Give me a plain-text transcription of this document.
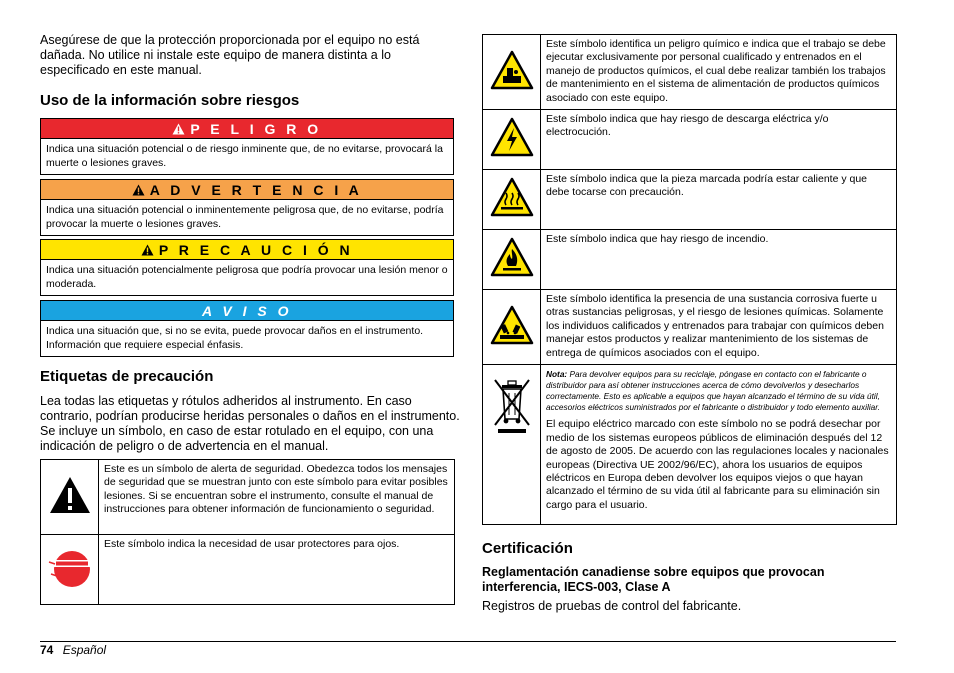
Asegúrese de que la protección proporcionada por el equipo no está dañada. No utilice ni instale este equipo de manera distinta a lo especificado en este manual.

Uso de la información sobre riesgos
P E L I G R O
Indica una situación potencial o de riesgo inminente que, de no evitarse, provocará la muerte o lesiones graves.
A D V E R T E N C I A
Indica una situación potencial o inminentemente peligrosa que, de no evitarse, podría provocar la muerte o lesiones graves.
P R E C A U C I Ó N
Indica una situación potencialmente peligrosa que podría provocar una lesión menor o moderada.
A V I S O
Indica una situación que, si no se evita, puede provocar daños en el instrumento. Información que requiere especial énfasis.
Etiquetas de precaución

Lea todas las etiquetas y rótulos adheridos al instrumento. En caso contrario, podrían producirse heridas personales o daños en el instrumento. Se incluye un símbolo, en caso de estar rotulado en el equipo, con una indicación de peligro o de advertencia en el manual.

Este es un símbolo de alerta de seguridad. Obedezca todos los mensajes de seguridad que se muestran junto con este símbolo para evitar posibles lesiones. Si se encuentran sobre el instrumento, consulte el manual de instrucciones para obtener información de funcionamiento o seguridad.

Este símbolo indica la necesidad de usar protectores para ojos.

Este símbolo identifica un peligro químico e indica que el trabajo se debe ejecutar exclusivamente por personal cualificado y entrenados en el manejo de productos químicos, el cual debe realizar también los trabajos de mantenimiento en el sistema de alimentación de productos químicos asociado con este equipo.

Este símbolo indica que hay riesgo de descarga eléctrica y/o electrocución.

Este símbolo indica que la pieza marcada podría estar caliente y que debe tocarse con precaución.

Este símbolo indica que hay riesgo de incendio.

Este símbolo identifica la presencia de una sustancia corrosiva fuerte u otras sustancias peligrosas, y el riesgo de lesiones químicas. Solamente los individuos calificados y entrenados para trabajar con químicos deben manejar estos productos y realizar mantenimiento de los sistemas de entrega de químicos asociados con el equipo.

Nota: Para devolver equipos para su reciclaje, póngase en contacto con el fabricante o distribuidor para así obtener instrucciones acerca de cómo devolverlos y desecharlos correctamente. Esto es aplicable a equipos que hayan alcanzado el término de su vida útil, accesorios eléctricos suministrados por el fabricante o distribuidor y todo elemento auxiliar.
El equipo eléctrico marcado con este símbolo no se podrá desechar por medio de los sistemas europeos públicos de eliminación después del 12 de agosto de 2005. De acuerdo con las regulaciones locales y nacionales europeas (Directiva UE 2002/96/EC), ahora los usuarios de equipos eléctricos en Europa deben devolver los equipos viejos o que hayan alcanzado el término de su vida útil al fabricante para su eliminación sin cargo para el usuario.
Certificación

Reglamentación canadiense sobre equipos que provocan interferencia, IECS-003, Clase A

Registros de pruebas de control del fabricante.

74 Español
